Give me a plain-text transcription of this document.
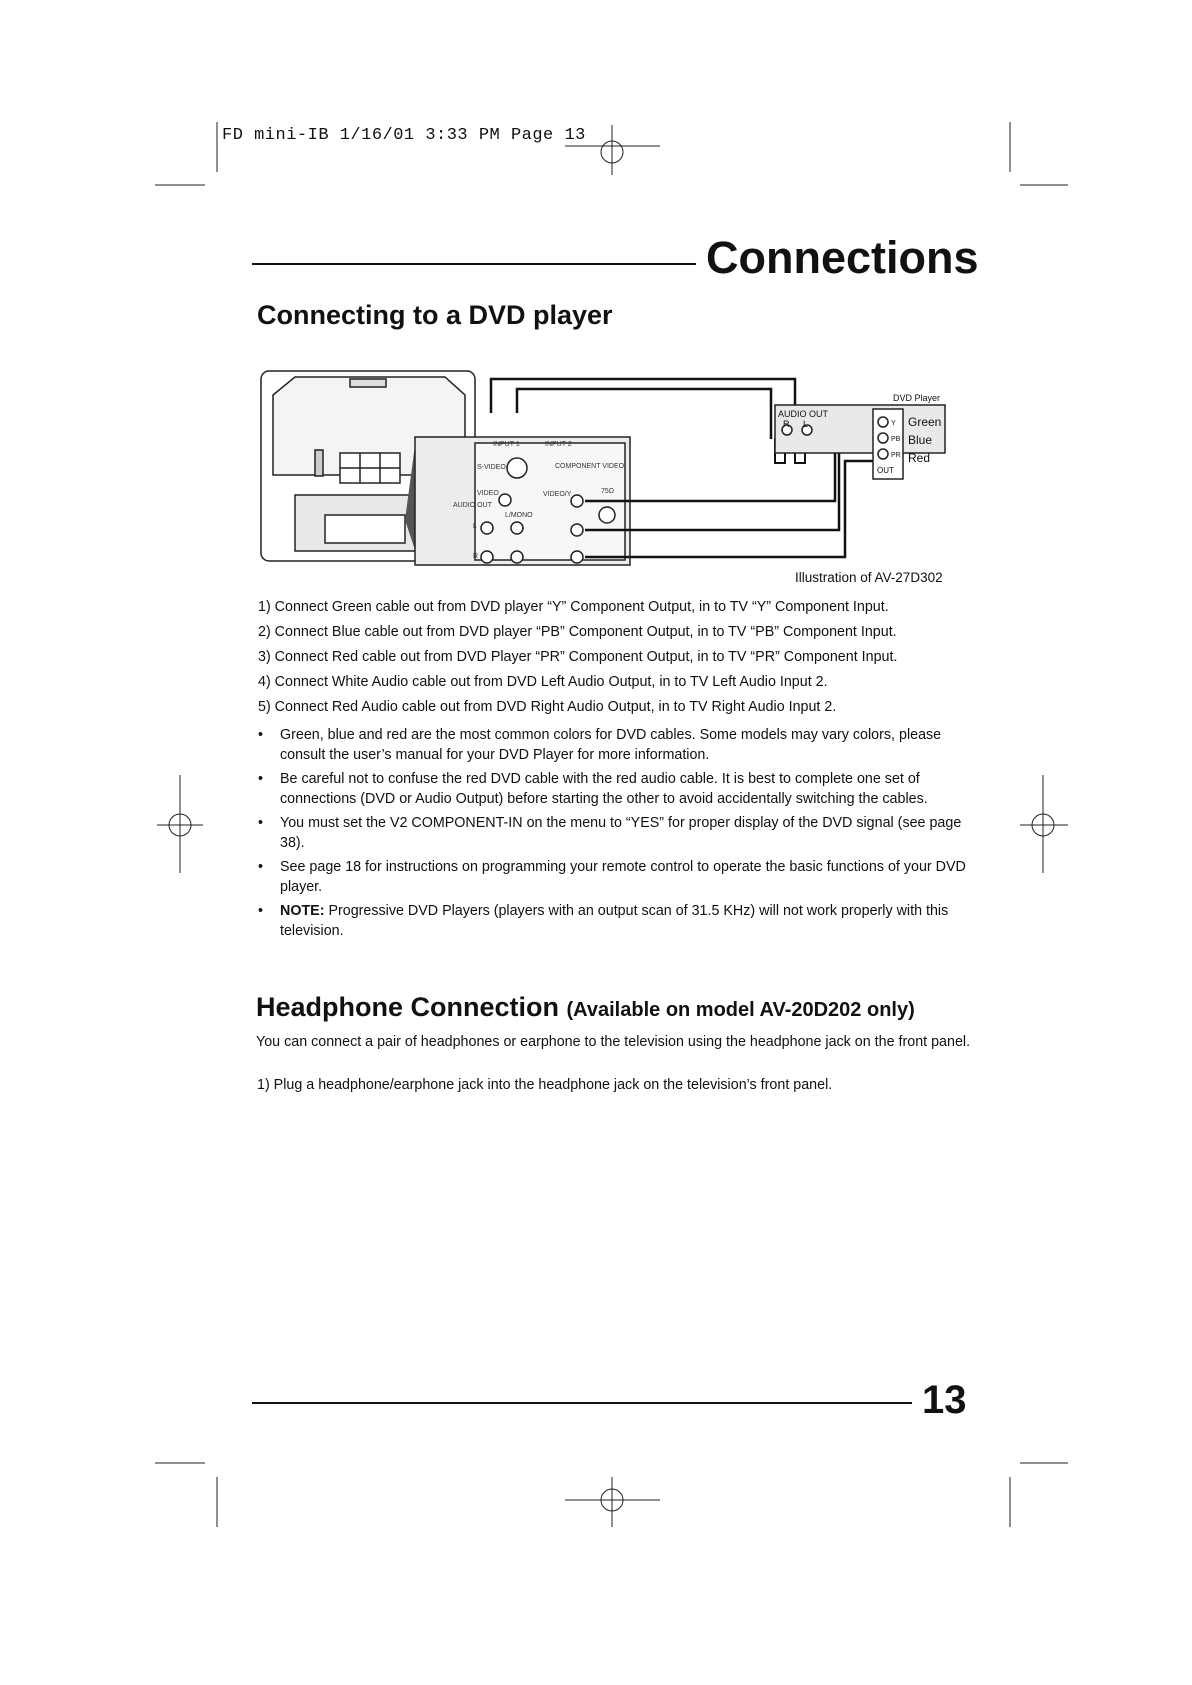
FD mini-IB 1/16/01 3:33 PM Page 13
Connections
Connecting to a DVD player
INPUT 1	INPUT 2
S-VIDEO
VIDEO
COMPONENT VIDEO
VIDEO/Y	75Ω
AUDIO OUT
L
R
L/MONO
DVD Player
AUDIO OUT
R L	Y
PB
PR
OUT
Green
Blue
Red
Illustration of AV-27D302
1) Connect Green cable out from DVD player “Y” Component Output, in to TV “Y” Component Input.
2) Connect Blue cable out from DVD player “PB” Component Output, in to TV “PB” Component Input.
3) Connect Red cable out from DVD Player “PR” Component Output, in to TV “PR” Component Input.
4) Connect White Audio cable out from DVD Left Audio Output, in to TV Left Audio Input 2.
5) Connect Red Audio cable out from DVD Right Audio Output, in to TV Right Audio Input 2.
• Green, blue and red are the most common colors for DVD cables. Some models may vary colors, please consult the user’s manual for your DVD Player for more information.
• Be careful not to confuse the red DVD cable with the red audio cable. It is best to complete one set of connections (DVD or Audio Output) before starting the other to avoid accidentally switching the cables.
• You must set the V2 COMPONENT-IN on the menu to “YES” for proper display of the DVD signal (see page 38).
• See page 18 for instructions on programming your remote control to operate the basic functions of your DVD player.
• NOTE: Progressive DVD Players (players with an output scan of 31.5 KHz) will not work properly with this television.
Headphone Connection (Available on model AV-20D202 only)
You can connect a pair of headphones or earphone to the television using the headphone jack on the front panel.
1) Plug a headphone/earphone jack into the headphone jack on the television’s front panel.
13
